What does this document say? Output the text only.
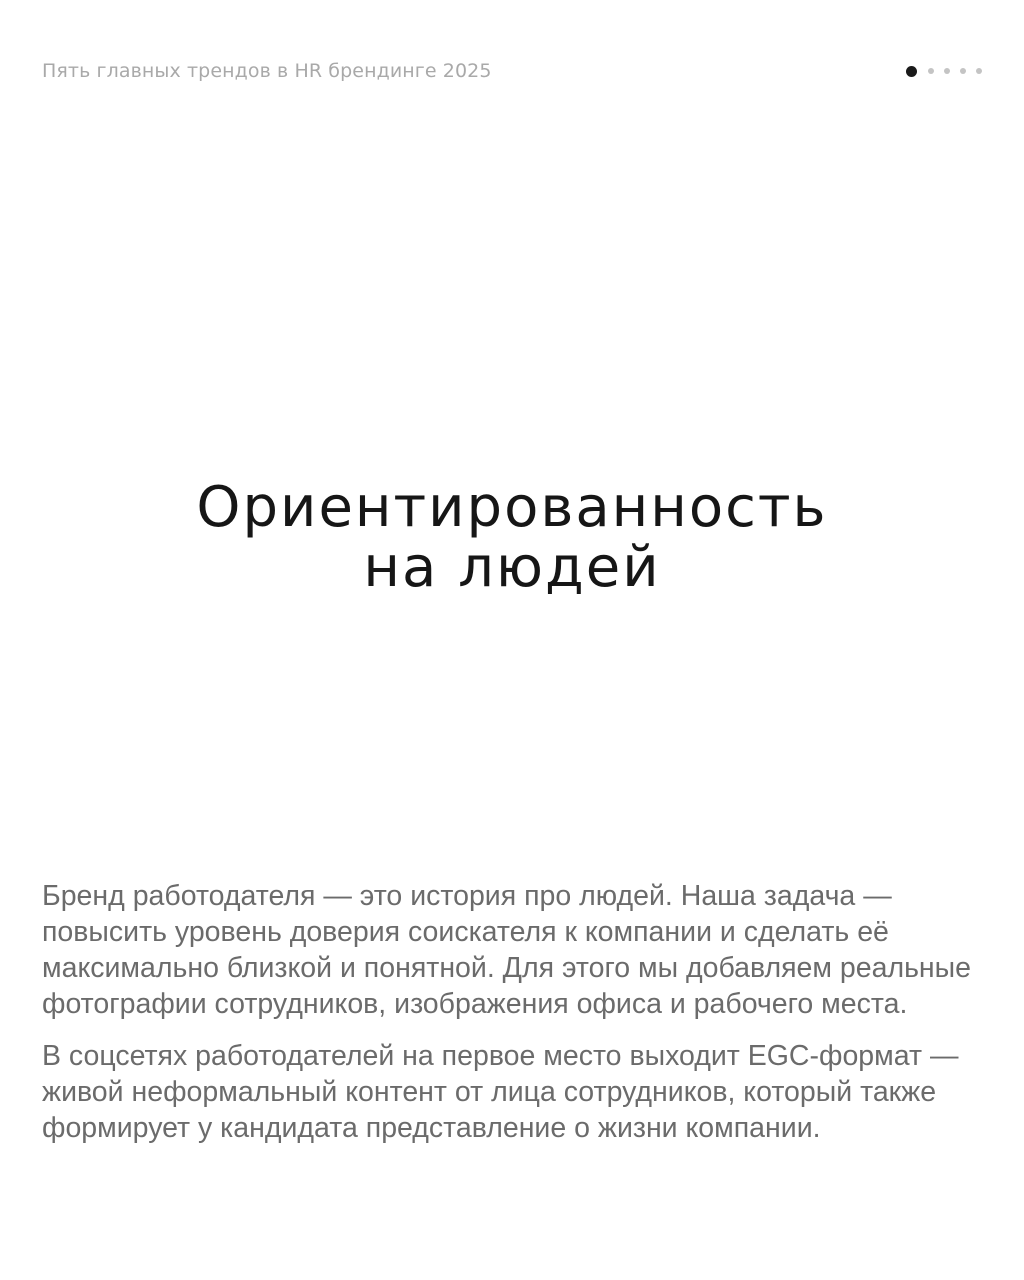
Пять главных трендов в HR брендинге 2025
Ориентированность
на людей

Бренд работодателя — это история про людей. Наша задача — повысить уровень доверия соискателя к компании и сделать её максимально близкой и понятной. Для этого мы добавляем реальные фотографии сотрудников, изображения офиса и рабочего места.

В соцсетях работодателей на первое место выходит EGC-формат — живой неформальный контент от лица сотрудников, который также формирует у кандидата представление о жизни компании.
